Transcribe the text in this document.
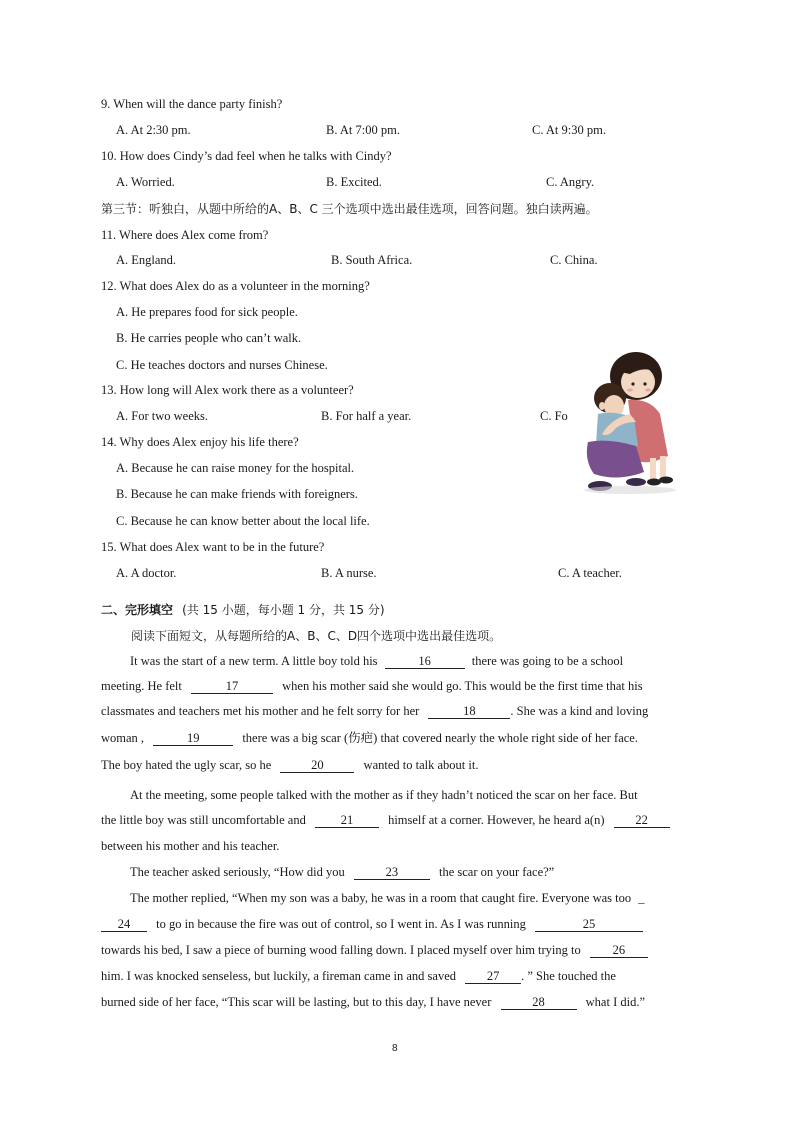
9. When will the dance party finish?
A. At 2:30 pm.	B. At 7:00 pm.	C. At 9:30 pm.
10. How does Cindy’s dad feel when he talks with Cindy?
A. Worried.	B. Excited.	C. Angry.
第三节：听独白，从题中所给的A、B、C 三个选项中选出最佳选项，回答问题。独白读两遍。
11. Where does Alex come from?
A. England.	B. South Africa.	C. China.
12. What does Alex do as a volunteer in the morning?
A. He prepares food for sick people.
B. He carries people who can’t walk.
C. He teaches doctors and nurses Chinese.
13. How long will Alex work there as a volunteer?
A. For two weeks.	B. For half a year.	C. Fo
14. Why does Alex enjoy his life there?
A. Because he can raise money for the hospital.
B. Because he can make friends with foreigners.
C. Because he can know better about the local life.
15. What does Alex want to be in the future?
A. A doctor.	B. A nurse.	C. A teacher.
二、完形填空 (共 15 小题，每小题 1 分，共 15 分)
阅读下面短文，从每题所给的A、B、C、D四个选项中选出最佳选项。
It was the start of a new term. A little boy told his	16	there was going to be a school
meeting. He felt	17	when his mother said she would go. This would be the first time that his
classmates and teachers met his mother and he felt sorry for her	18	. She was a kind and loving
woman ,	19	there was a big scar (伤疤) that covered nearly the whole right side of her face.
The boy hated the ugly scar, so he	20	wanted to talk about it.
At the meeting, some people talked with the mother as if they hadn’t noticed the scar on her face. But
the little boy was still uncomfortable and	21	himself at a corner. However, he heard a(n) 22
between his mother and his teacher.
The teacher asked seriously, “How did you	23	the scar on your face?”
The mother replied, “When my son was a baby, he was in a room that caught fire. Everyone was too _
24 to go in because the fire was out of control, so I went in. As I was running	25
towards his bed, I saw a piece of burning wood falling down. I placed myself over him trying to	26
him. I was knocked senseless, but luckily, a fireman came in and saved 27 . ” She touched the
burned side of her face, “This scar will be lasting, but to this day, I have never	28	what I did.”
8
